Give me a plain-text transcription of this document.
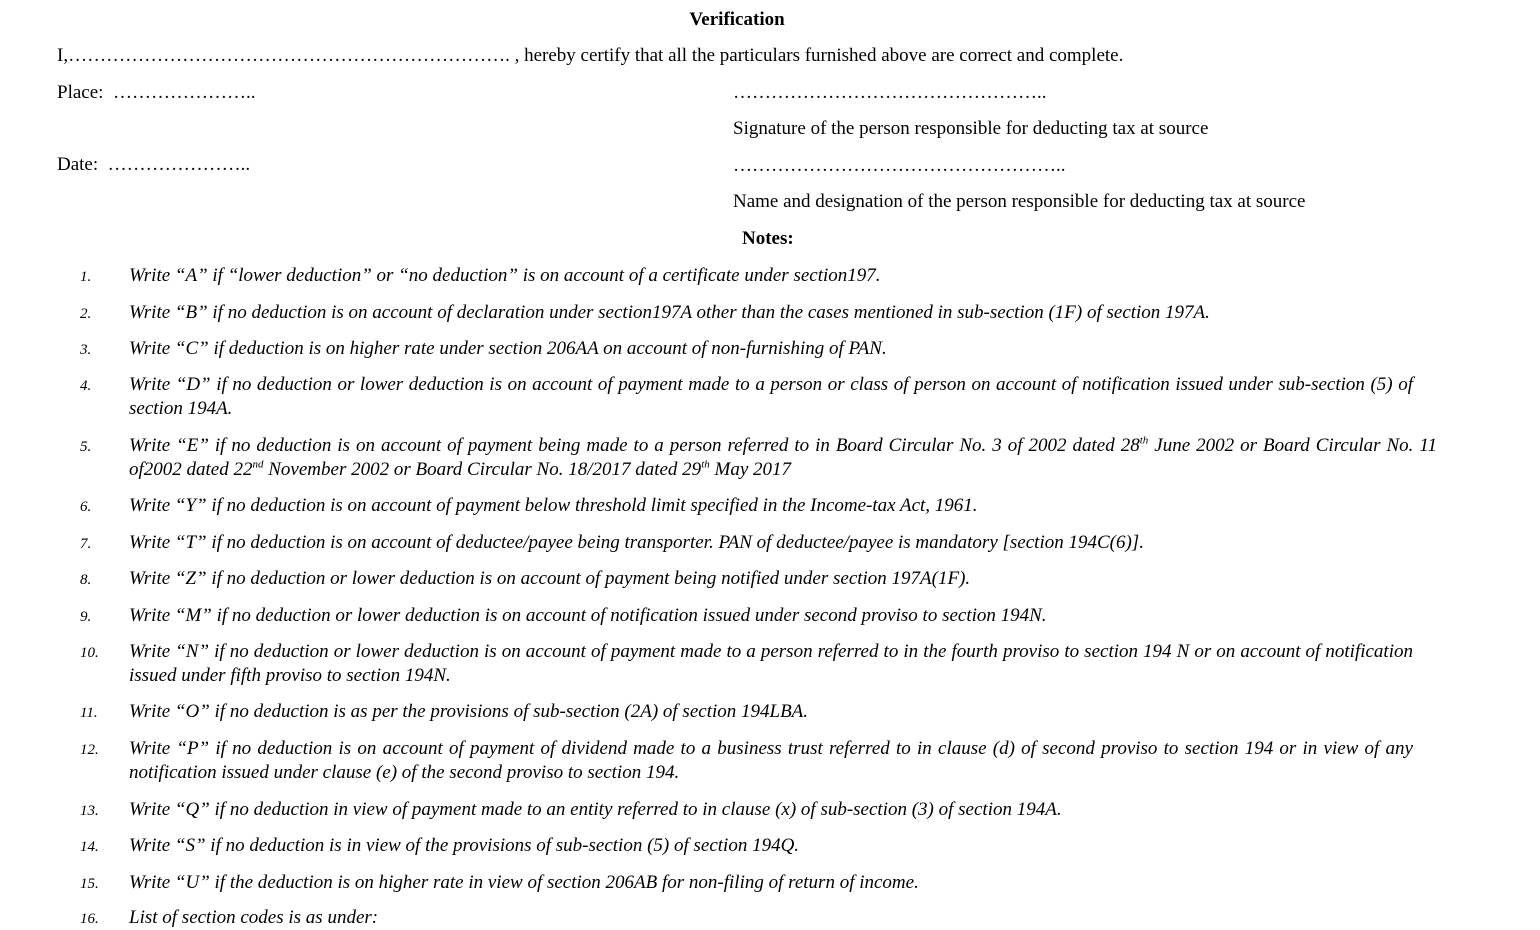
Verification
I,……………………………………………………………. , hereby certify that all the particulars furnished above are correct and complete.
Place: …………………..	…………………………………………..
Signature of the person responsible for deducting tax at source
Date: …………………..	……………………………………………..
Name and designation of the person responsible for deducting tax at source
Notes:
1. Write “A” if “lower deduction” or “no deduction” is on account of a certificate under section197.
2. Write “B” if no deduction is on account of declaration under section197A other than the cases mentioned in sub-section (1F) of section 197A.
3. Write “C” if deduction is on higher rate under section 206AA on account of non-furnishing of PAN.
4. Write “D” if no deduction or lower deduction is on account of payment made to a person or class of person on account of notification issued under sub-section (5) of section 194A.
5. Write “E” if no deduction is on account of payment being made to a person referred to in Board Circular No. 3 of 2002 dated 28th June 2002 or Board Circular No. 11 of2002 dated 22nd November 2002 or Board Circular No. 18/2017 dated 29th May 2017
6. Write “Y” if no deduction is on account of payment below threshold limit specified in the Income-tax Act, 1961.
7. Write “T” if no deduction is on account of deductee/payee being transporter. PAN of deductee/payee is mandatory [section 194C(6)].
8. Write “Z” if no deduction or lower deduction is on account of payment being notified under section 197A(1F).
9. Write “M” if no deduction or lower deduction is on account of notification issued under second proviso to section 194N.
10. Write “N” if no deduction or lower deduction is on account of payment made to a person referred to in the fourth proviso to section 194 N or on account of notification issued under fifth proviso to section 194N.
11. Write “O” if no deduction is as per the provisions of sub-section (2A) of section 194LBA.
12. Write “P” if no deduction is on account of payment of dividend made to a business trust referred to in clause (d) of second proviso to section 194 or in view of any notification issued under clause (e) of the second proviso to section 194.
13. Write “Q” if no deduction in view of payment made to an entity referred to in clause (x) of sub-section (3) of section 194A.
14. Write “S” if no deduction is in view of the provisions of sub-section (5) of section 194Q.
15. Write “U” if the deduction is on higher rate in view of section 206AB for non-filing of return of income.
16. List of section codes is as under:
